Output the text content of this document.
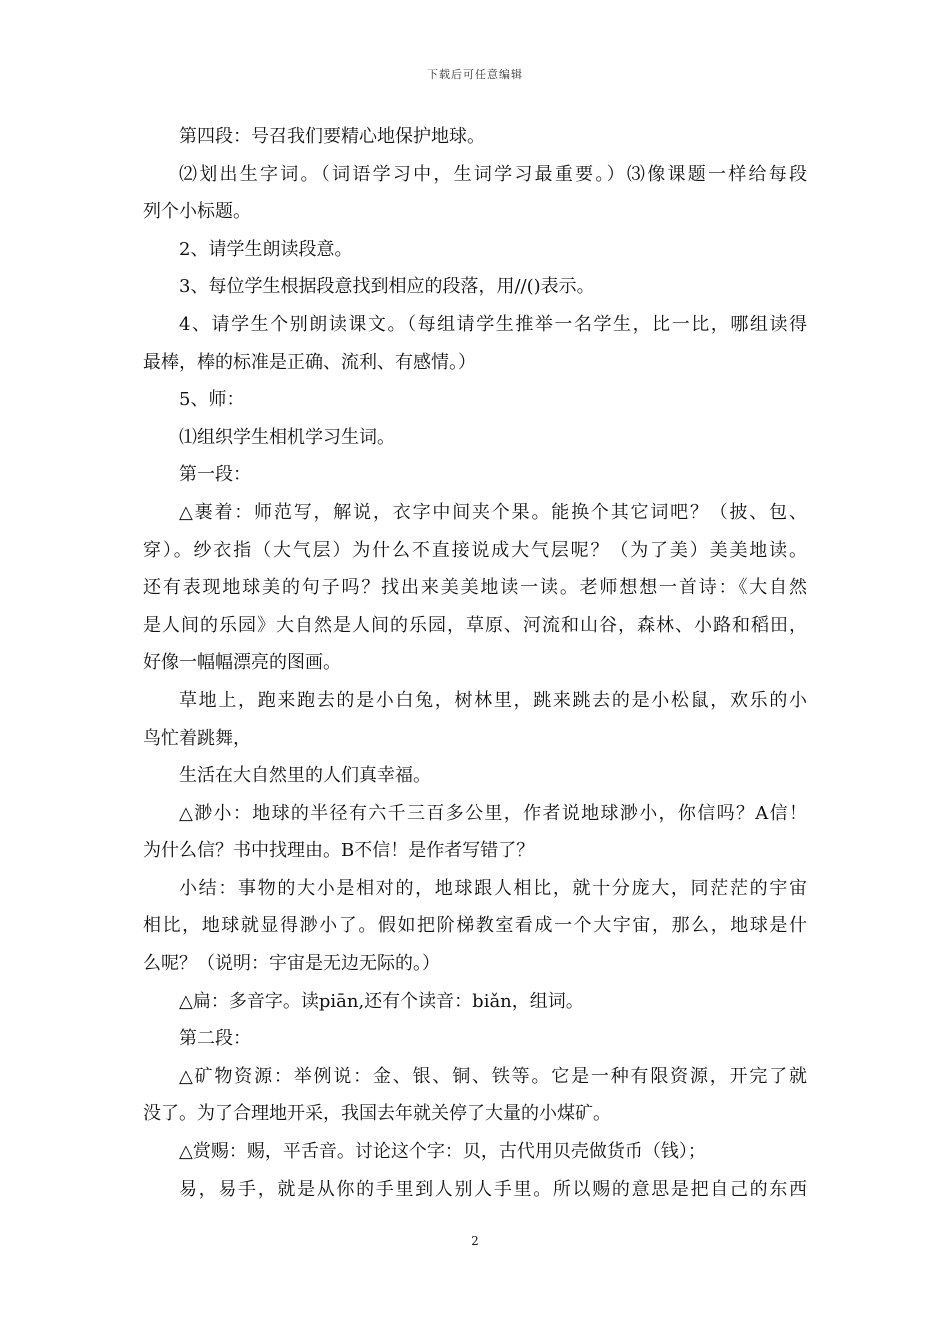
下载后可任意编辑

第四段：号召我们要精心地保护地球。

⑵划出生字词。（词语学习中，生词学习最重要。）⑶像课题一样给每段

列个小标题。

2、请学生朗读段意。

3、每位学生根据段意找到相应的段落，用//()表示。

4、请学生个别朗读课文。（每组请学生推举一名学生，比一比，哪组读得

最棒，棒的标准是正确、流利、有感情。）

5、师：

⑴组织学生相机学习生词。

第一段：

△裹着：师范写，解说，衣字中间夹个果。能换个其它词吧？（披、包、

穿）。纱衣指（大气层）为什么不直接说成大气层呢？（为了美）美美地读。

还有表现地球美的句子吗？找出来美美地读一读。老师想想一首诗：《大自然

是人间的乐园》大自然是人间的乐园，草原、河流和山谷，森林、小路和稻田，

好像一幅幅漂亮的图画。

草地上，跑来跑去的是小白兔，树林里，跳来跳去的是小松鼠，欢乐的小

鸟忙着跳舞，

生活在大自然里的人们真幸福。

△渺小：地球的半径有六千三百多公里，作者说地球渺小，你信吗？A信！

为什么信？书中找理由。B不信！是作者写错了？

小结：事物的大小是相对的，地球跟人相比，就十分庞大，同茫茫的宇宙

相比，地球就显得渺小了。假如把阶梯教室看成一个大宇宙，那么，地球是什

么呢？（说明：宇宙是无边无际的。）

△扁：多音字。读piān,还有个读音：biǎn，组词。

第二段：

△矿物资源：举例说：金、银、铜、铁等。它是一种有限资源，开完了就

没了。为了合理地开采，我国去年就关停了大量的小煤矿。

△赏赐：赐，平舌音。讨论这个字：贝，古代用贝壳做货币（钱）；

易，易手，就是从你的手里到人别人手里。所以赐的意思是把自己的东西

2
